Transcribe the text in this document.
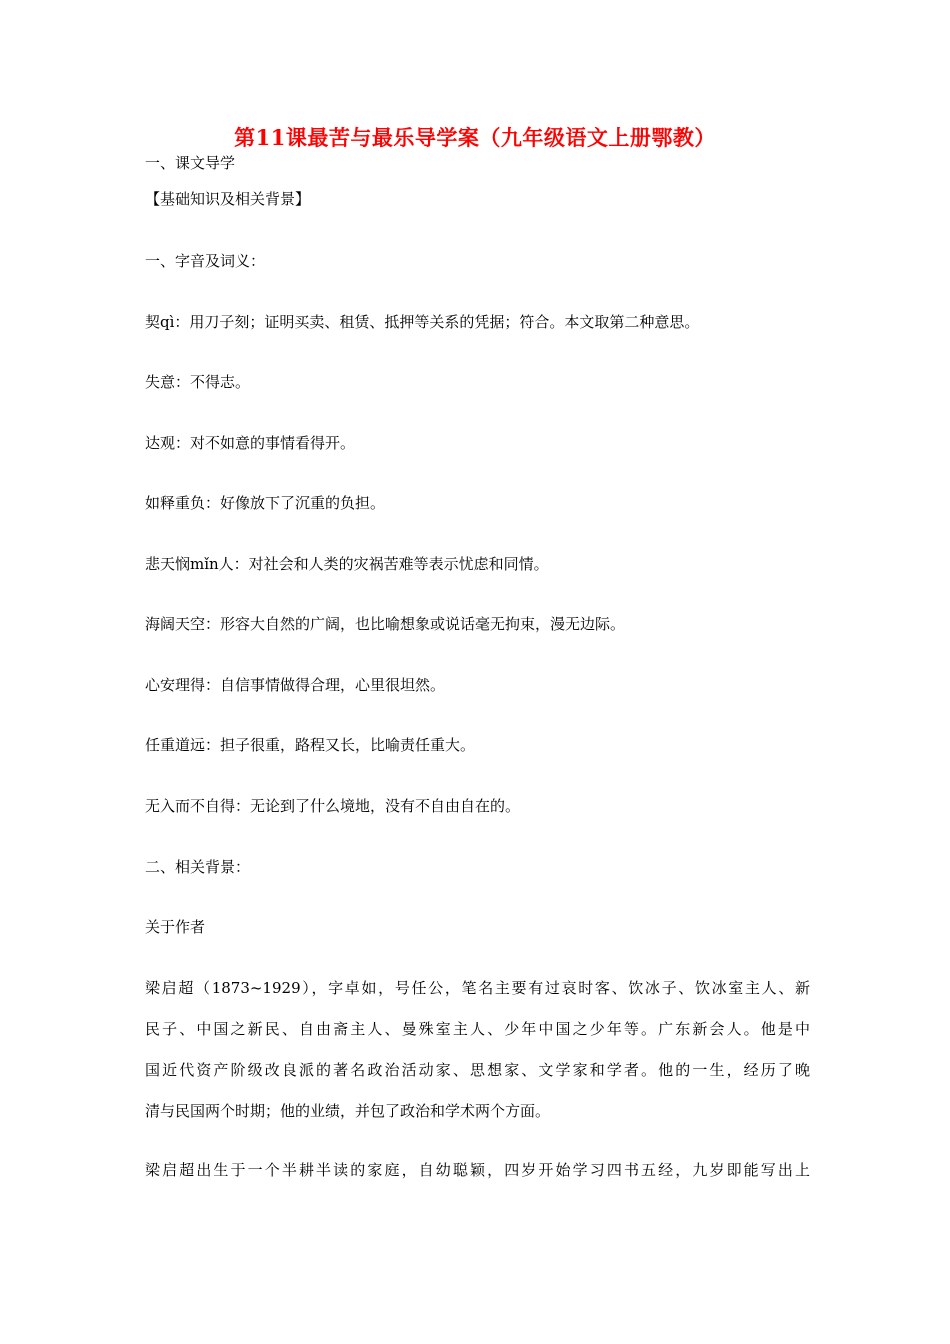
第11课最苦与最乐导学案（九年级语文上册鄂教）
一、课文导学
【基础知识及相关背景】
一、字音及词义：
契qì：用刀子刻；证明买卖、租赁、抵押等关系的凭据；符合。本文取第二种意思。
失意：不得志。
达观：对不如意的事情看得开。
如释重负：好像放下了沉重的负担。
悲天悯mǐn人：对社会和人类的灾祸苦难等表示忧虑和同情。
海阔天空：形容大自然的广阔，也比喻想象或说话毫无拘束，漫无边际。
心安理得：自信事情做得合理，心里很坦然。
任重道远：担子很重，路程又长，比喻责任重大。
无入而不自得：无论到了什么境地，没有不自由自在的。
二、相关背景：
关于作者
梁启超（1873~1929），字卓如，号任公，笔名主要有过哀时客、饮冰子、饮冰室主人、新
民子、中国之新民、自由斋主人、曼殊室主人、少年中国之少年等。广东新会人。他是中
国近代资产阶级改良派的著名政治活动家、思想家、文学家和学者。他的一生，经历了晚
清与民国两个时期；他的业绩，并包了政治和学术两个方面。
梁启超出生于一个半耕半读的家庭，自幼聪颖，四岁开始学习四书五经，九岁即能写出上
